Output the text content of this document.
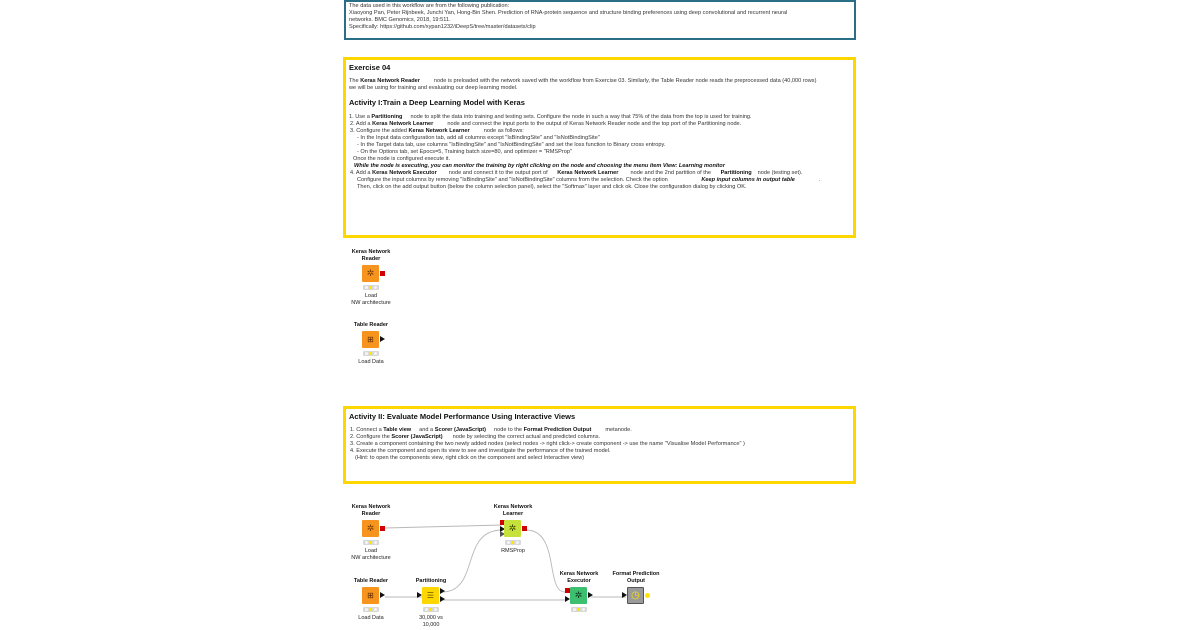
The data used in this workflow are from the following publication:
Xiaoyong Pan, Peter Rijnbeek, Junchi Yan, Hong-Bin Shen. Prediction of RNA-protein sequence and structure binding preferences using deep convolutional and recurrent neural
networks. BMC Genomics, 2018, 19:511.
Specifically: https://github.com/xypan1232/iDeepS/tree/master/datasets/clip
Exercise 04
The Keras Network Reader	node is preloaded with the network saved with the workflow from Exercise 03. Similarly, the Table Reader node reads the preprocessed data (40,000 rows)
we will be using for training and evaluating our deep learning model.
Activity I:Train a Deep Learning Model with Keras
1. Use a Partitioning node to split the data into training and testing sets. Configure the node in such a way that 75% of the data from the top is used for training.
2. Add a Keras Network Learner	node and connect the input ports to the output of Keras Network Reader node and the top port of the Partitioning node.
3. Configure the added Keras Network Learner	node as follows:
- In the Input data configuration tab, add all columns except "IsBindingSite" and "IsNotBindingSite"
- In the Target data tab, use columns "IsBindingSite" and "IsNotBindingSite" and set the loss function to Binary cross entropy.
- On the Options tab, set Epocs=5, Training batch size=80, and optimizer = "RMSProp"
Once the node is configured execute it.
While the node is executing, you can monitor the training by right clicking on the node and choosing the menu item View: Learning monitor
4. Add a Keras Network Executor node and connect it to the output port of Keras Network Learner node and the 2nd partition of the Partitioning node (testing set).
Configure the input columns by removing "IsBindingSite" and "IsNotBindingSite" columns from the selection. Check the option	Keep input columns in output table	.
Then, click on the add output button (below the column selection panel), select the "Softmax" layer and click ok. Close the configuration dialog by clicking OK.
Activity II: Evaluate Model Performance Using Interactive Views
1. Connect a Table view and a Scorer (JavaScript) node to the Format Prediction Output	metanode.
2. Configure the Scorer (JavaScript) node by selecting the correct actual and predicted columns.
3. Create a component containing the two newly added nodes (select nodes -> right click-> create component -> use the name "Visualise Model Performance" )
4. Execute the component and open its view to see and investigate the performance of the trained model.
(Hint: to open the components view, right click on the component and select Interactive view)
Keras Network
Reader
✲
Load
NW architecture
Table Reader
⊞
Load Data
Keras Network
Reader
✲
Load
NW architecture
Table Reader
⊞
Load Data
Partitioning
☰
30,000 vs
10,000
Keras Network
Learner
✲
RMSProp
Keras Network
Executor
✲
Format Prediction
Output
◷
